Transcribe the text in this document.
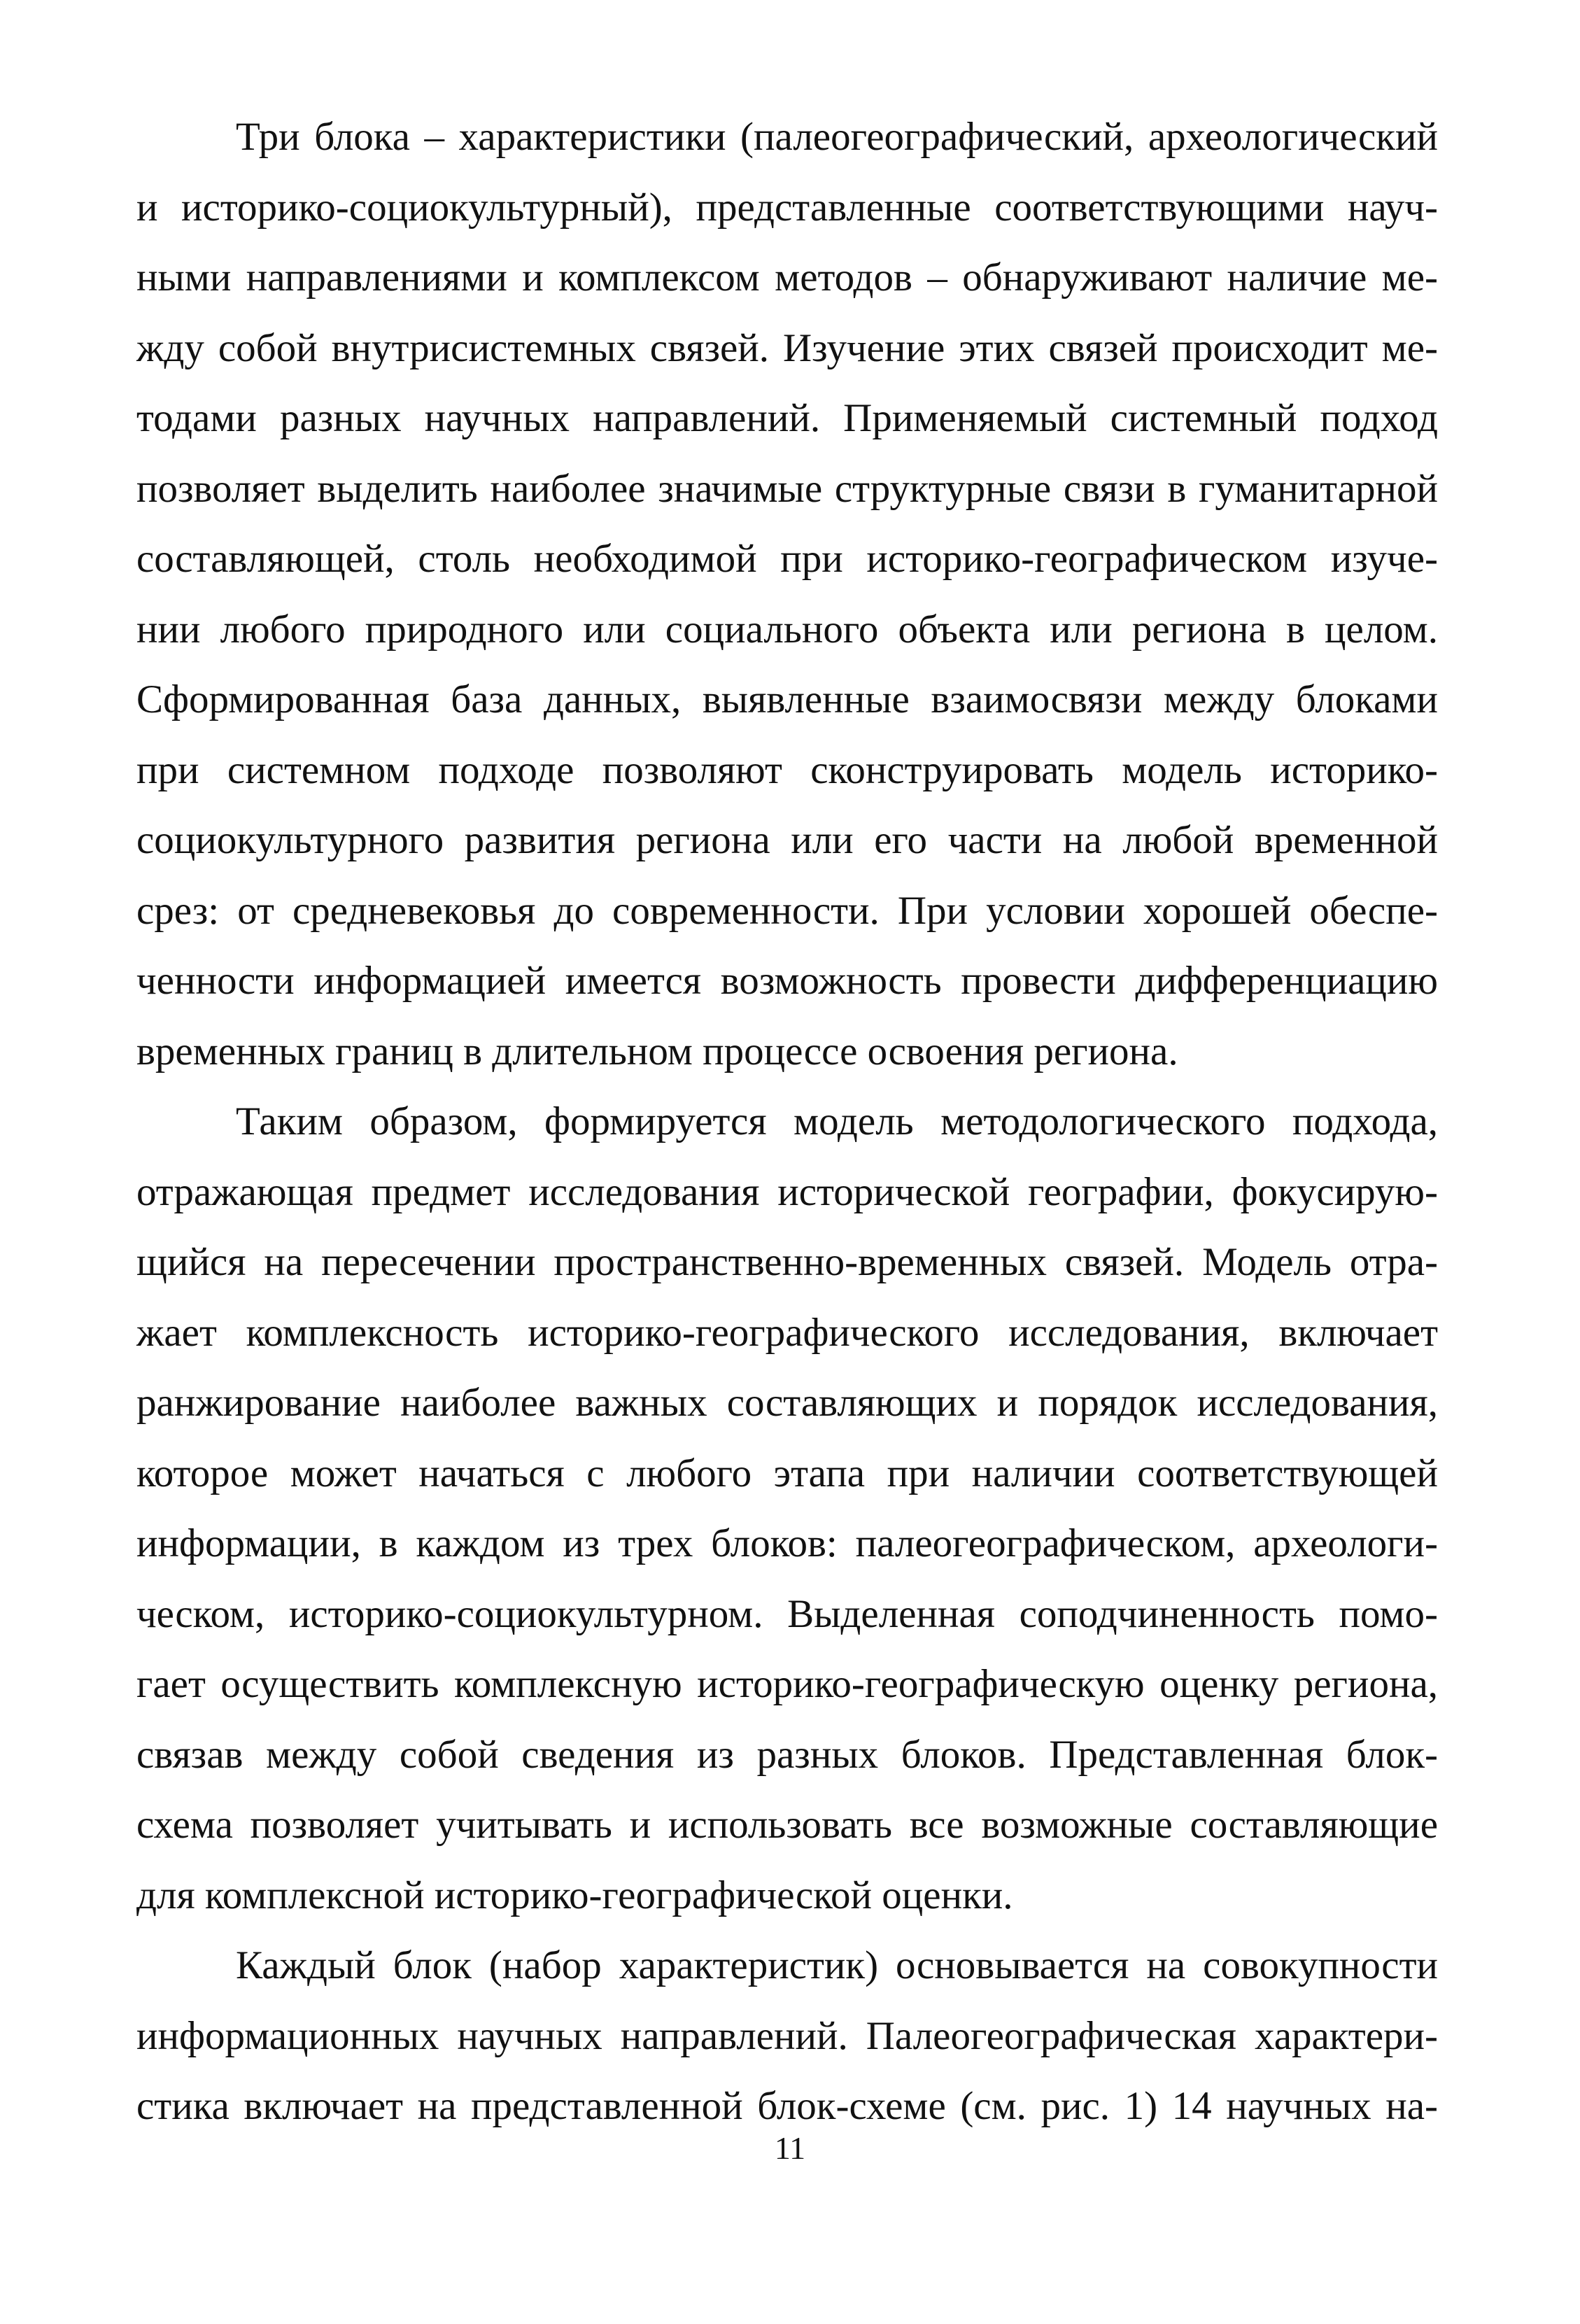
Три блока – характеристики (палеогеографический, археологический
и историко-социокультурный), представленные соответствующими науч-
ными направлениями и комплексом методов – обнаруживают наличие ме-
жду собой внутрисистемных связей. Изучение этих связей происходит ме-
тодами разных научных направлений. Применяемый системный подход
позволяет выделить наиболее значимые структурные связи в гуманитарной
составляющей, столь необходимой при историко-географическом изуче-
нии любого природного или социального объекта или региона в целом.
Сформированная база данных, выявленные взаимосвязи между блоками
при системном подходе позволяют сконструировать модель историко-
социокультурного развития региона или его части на любой временной
срез: от средневековья до современности. При условии хорошей обеспе-
ченности информацией имеется возможность провести дифференциацию
временных границ в длительном процессе освоения региона.

Таким образом, формируется модель методологического подхода,
отражающая предмет исследования исторической географии, фокусирую-
щийся на пересечении пространственно-временных связей. Модель отра-
жает комплексность историко-географического исследования, включает
ранжирование наиболее важных составляющих и порядок исследования,
которое может начаться с любого этапа при наличии соответствующей
информации, в каждом из трех блоков: палеогеографическом, археологи-
ческом, историко-социокультурном. Выделенная соподчиненность помо-
гает осуществить комплексную историко-географическую оценку региона,
связав между собой сведения из разных блоков. Представленная блок-
схема позволяет учитывать и использовать все возможные составляющие
для комплексной историко-географической оценки.

Каждый блок (набор характеристик) основывается на совокупности
информационных научных направлений. Палеогеографическая характери-
стика включает на представленной блок-схеме (см. рис. 1) 14 научных на-

11
